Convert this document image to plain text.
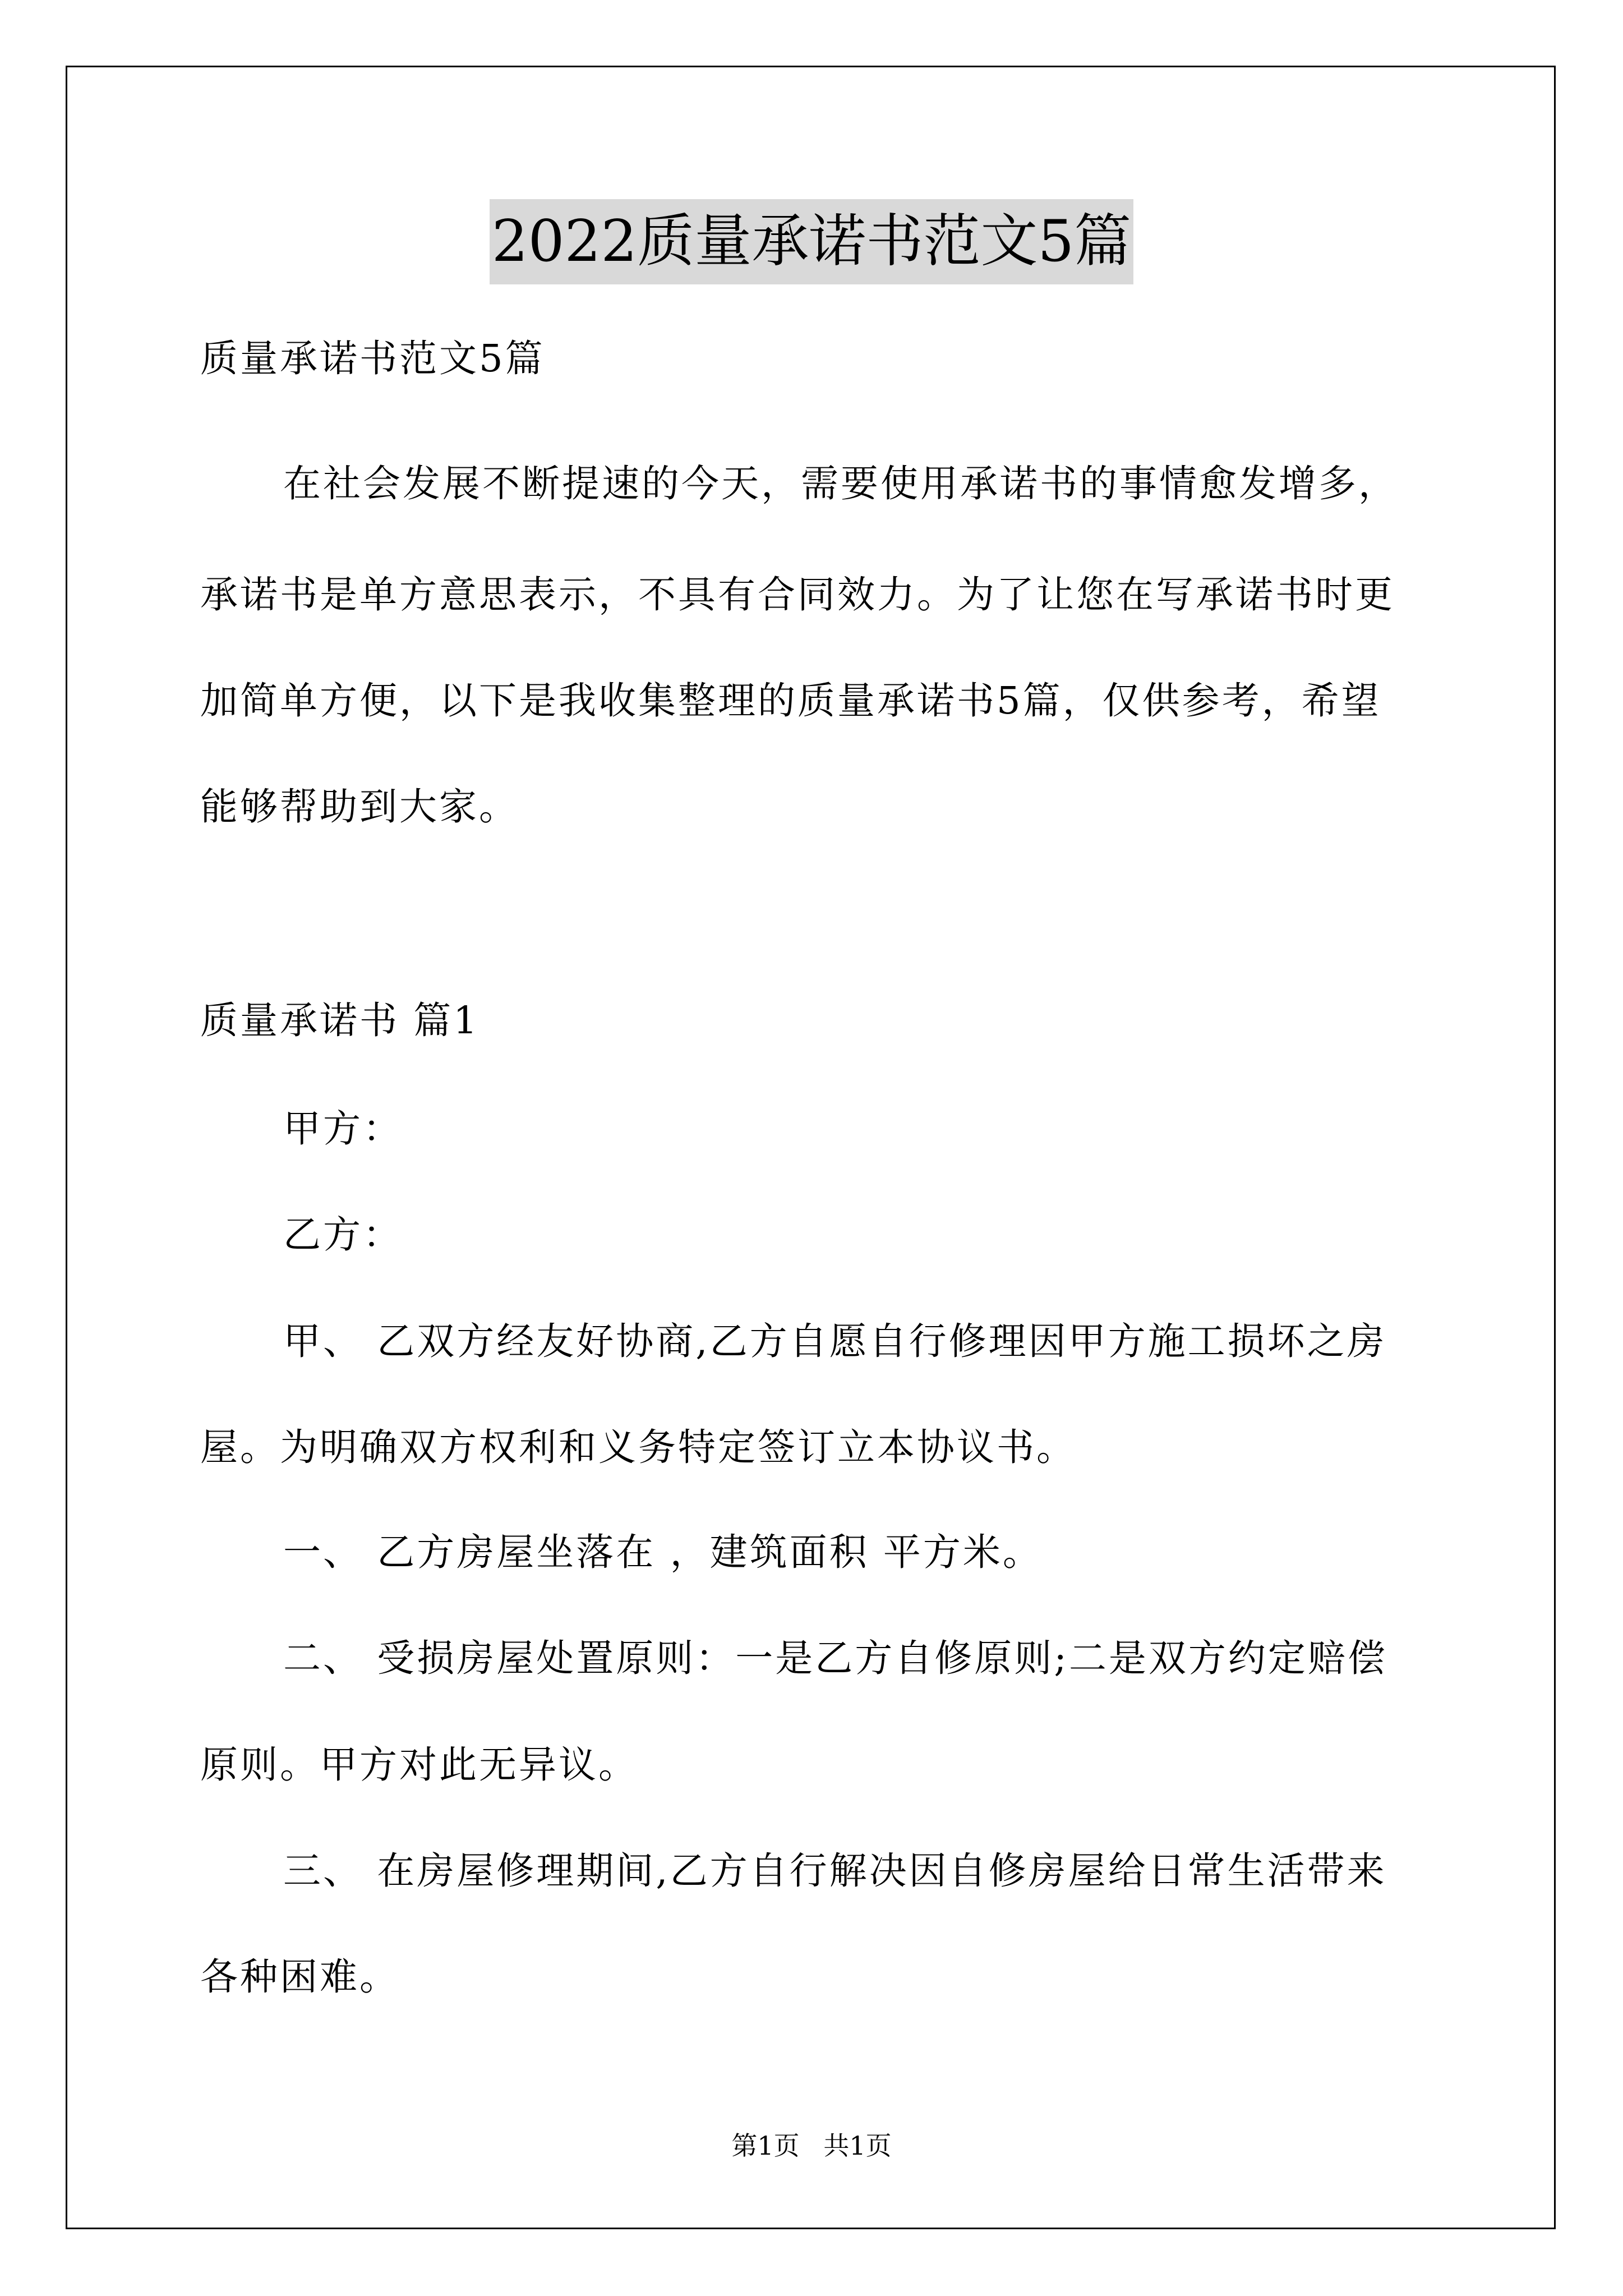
2022质量承诺书范文5篇

质量承诺书范文5篇

在社会发展不断提速的今天，需要使用承诺书的事情愈发增多，

承诺书是单方意思表示，不具有合同效力。为了让您在写承诺书时更

加简单方便，以下是我收集整理的质量承诺书5篇，仅供参考，希望

能够帮助到大家。

质量承诺书 篇1

甲方：

乙方：

甲、 乙双方经友好协商,乙方自愿自行修理因甲方施工损坏之房

屋。为明确双方权利和义务特定签订立本协议书。

一、 乙方房屋坐落在 ，建筑面积 平方米。

二、 受损房屋处置原则：一是乙方自修原则;二是双方约定赔偿

原则。甲方对此无异议。

三、 在房屋修理期间,乙方自行解决因自修房屋给日常生活带来

各种困难。

第1页 共1页
